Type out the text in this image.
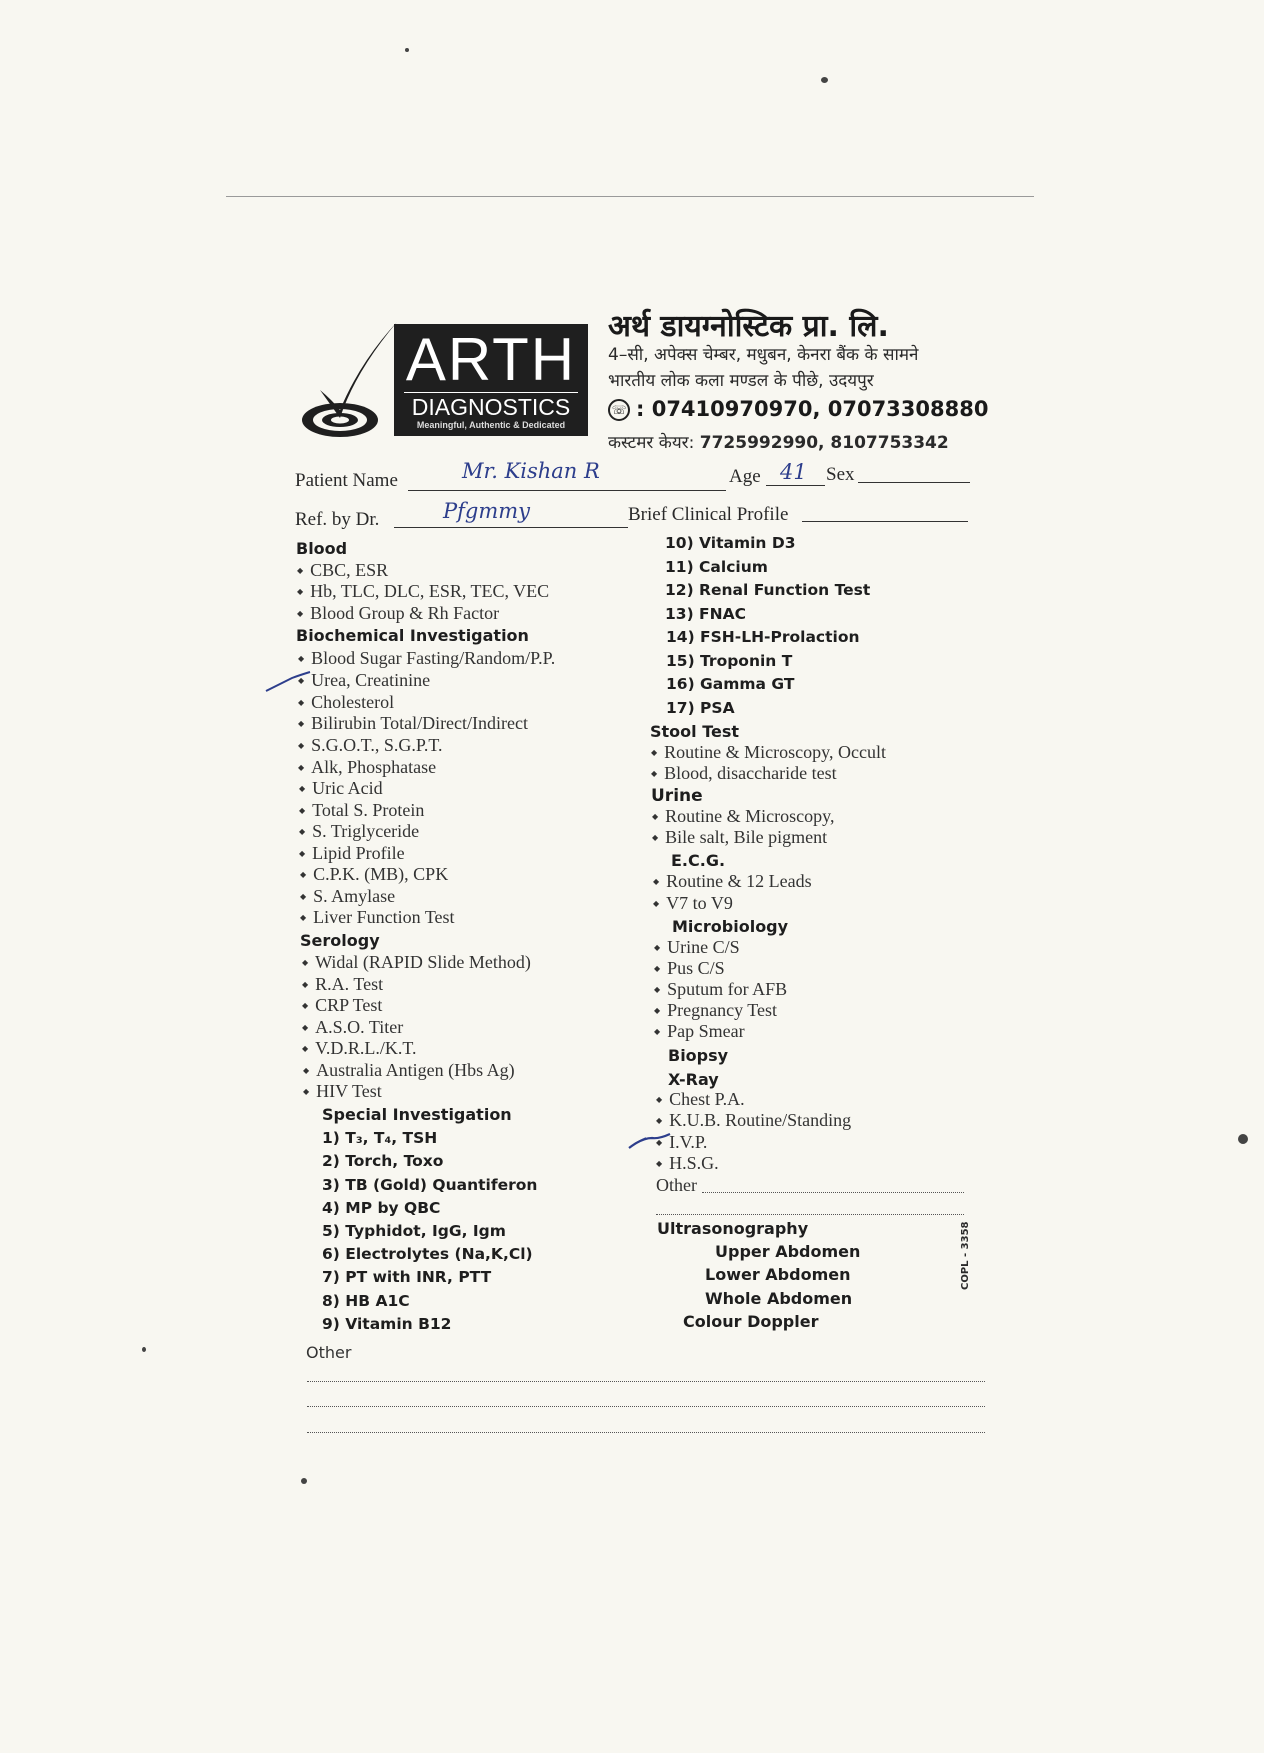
ARTH
DIAGNOSTICS
Meaningful, Authentic & Dedicated
अर्थ डायग्नोस्टिक प्रा. लि.
4–सी, अपेक्स चेम्बर, मधुबन, केनरा बैंक के सामने
भारतीय लोक कला मण्डल के पीछे, उदयपुर
☏ : 07410970970, 07073308880
कस्टमर केयर: 7725992990, 8107753342
Patient Name	Mr. Kishan R	Age 41 Sex
Ref. by Dr.	Pfgmmy	Brief Clinical Profile
Blood
◆ CBC, ESR
◆ Hb, TLC, DLC, ESR, TEC, VEC
◆ Blood Group & Rh Factor
Biochemical Investigation
◆ Blood Sugar Fasting/Random/P.P.
◆ Urea, Creatinine
◆ Cholesterol
◆ Bilirubin Total/Direct/Indirect
◆ S.G.O.T., S.G.P.T.
◆ Alk, Phosphatase
◆ Uric Acid
◆ Total S. Protein
◆ S. Triglyceride
◆ Lipid Profile
◆ C.P.K. (MB), CPK
◆ S. Amylase
◆ Liver Function Test
Serology
◆ Widal (RAPID Slide Method)
◆ R.A. Test
◆ CRP Test
◆ A.S.O. Titer
◆ V.D.R.L./K.T.
◆ Australia Antigen (Hbs Ag)
◆ HIV Test
Special Investigation
1) T₃, T₄, TSH
2) Torch, Toxo
3) TB (Gold) Quantiferon
4) MP by QBC
5) Typhidot, IgG, Igm
6) Electrolytes (Na,K,Cl)
7) PT with INR, PTT
8) HB A1C
9) Vitamin B12
Other
10) Vitamin D3
11) Calcium
12) Renal Function Test
13) FNAC
14) FSH-LH-Prolaction
15) Troponin T
16) Gamma GT
17) PSA
Stool Test
◆ Routine & Microscopy, Occult
◆ Blood, disaccharide test
Urine
◆ Routine & Microscopy,
◆ Bile salt, Bile pigment
E.C.G.
◆ Routine & 12 Leads
◆ V7 to V9
Microbiology
◆ Urine C/S
◆ Pus C/S
◆ Sputum for AFB
◆ Pregnancy Test
◆ Pap Smear
Biopsy
X-Ray
◆ Chest P.A.
◆ K.U.B. Routine/Standing
◆ I.V.P.
◆ H.S.G.
Other
Ultrasonography
Upper Abdomen
Lower Abdomen
Whole Abdomen
Colour Doppler
COPL - 3358
